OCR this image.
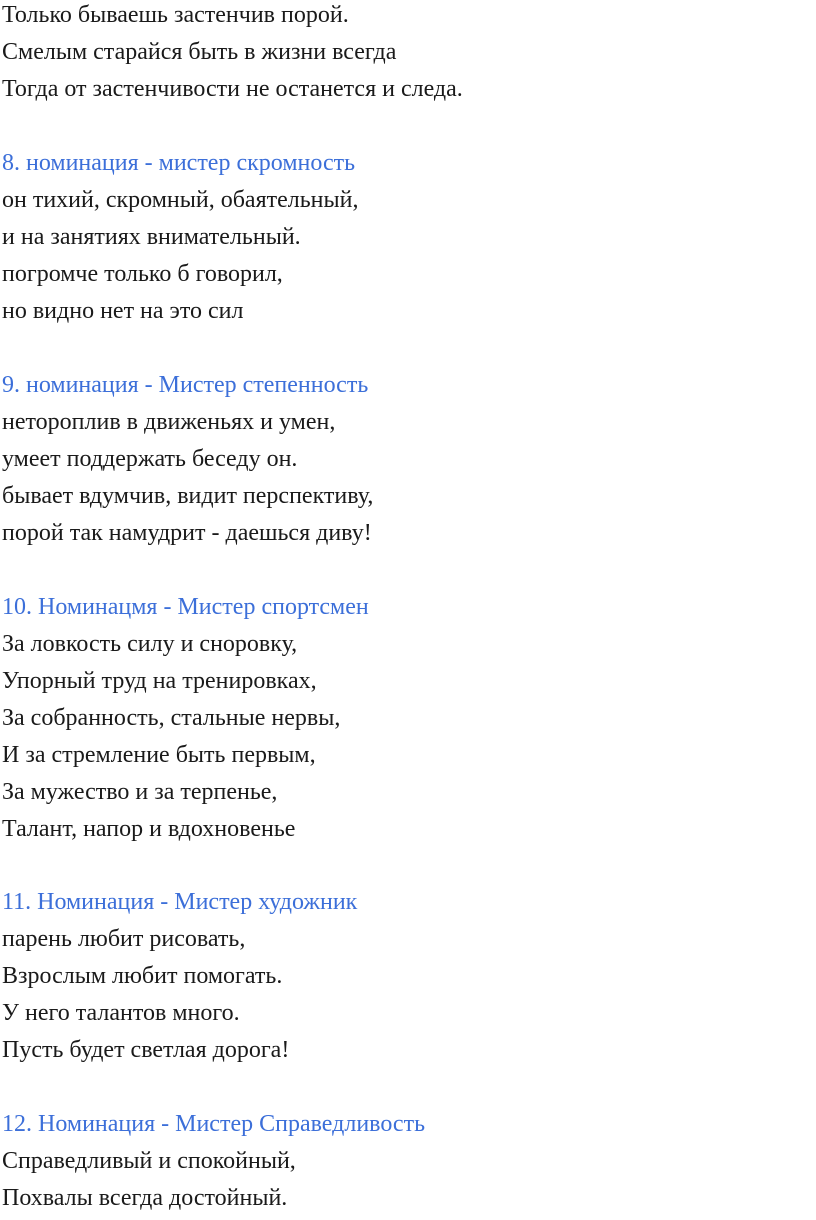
Только бываешь застенчив порой.
Смелым старайся быть в жизни всегда
Тогда от застенчивости не останется и следа.
8. номинация - мистер скромность
он тихий, скромный, обаятельный,
и на занятиях внимательный.
погромче только б говорил,
но видно нет на это сил
9. номинация - Мистер степенность
нетороплив в движеньях и умен,
умеет поддержать беседу он.
бывает вдумчив, видит перспективу,
порой так намудрит - даешься диву!
10. Номинацмя - Мистер спортсмен
За ловкость силу и сноровку,
Упорный труд на тренировках,
За собранность, стальные нервы,
И за стремление быть первым,
За мужество и за терпенье,
Талант, напор и вдохновенье
11. Номинация - Мистер художник
парень любит рисовать,
Взрослым любит помогать.
У него талантов много.
Пусть будет светлая дорога!
12. Номинация - Мистер Справедливость
Справедливый и спокойный,
Похвалы всегда достойный.
